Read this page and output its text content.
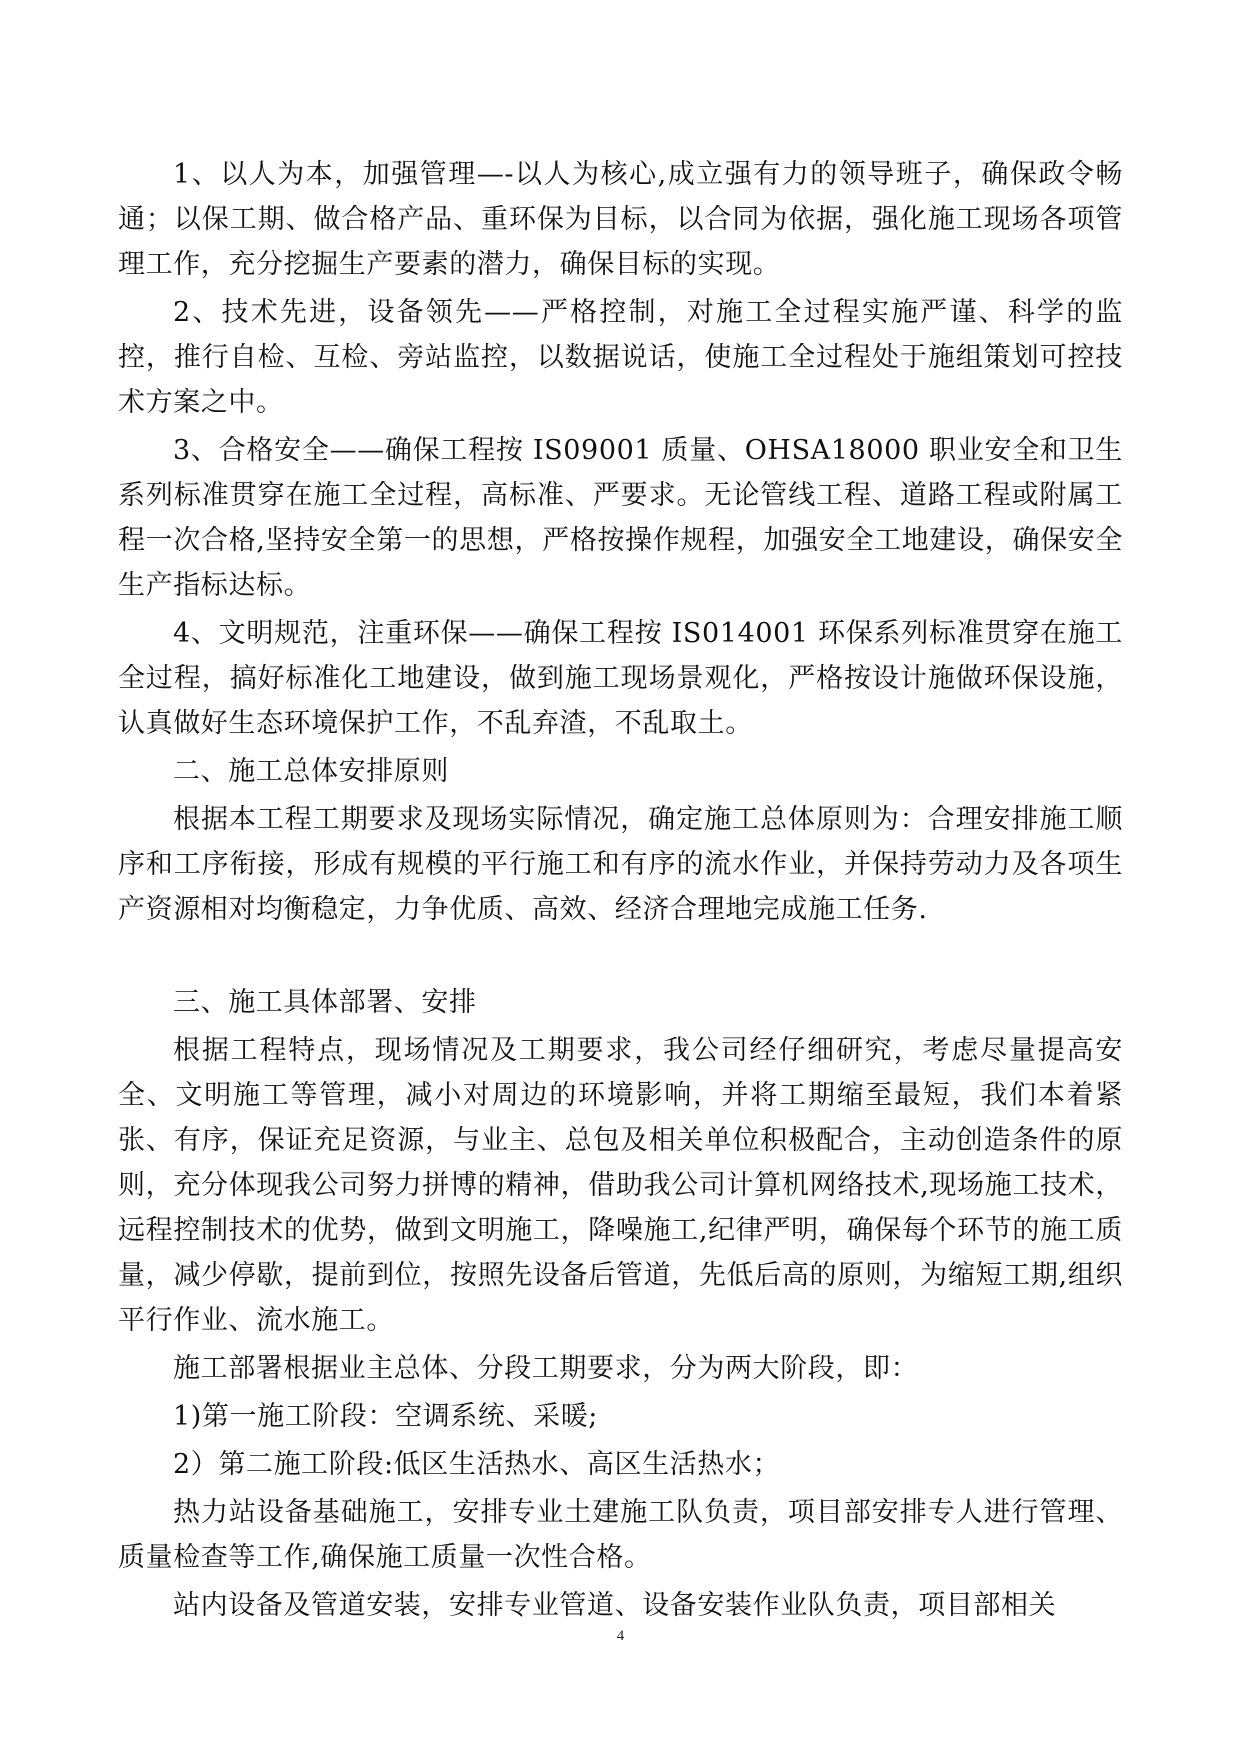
1、以人为本，加强管理—-以人为核心,成立强有力的领导班子，确保政令畅通；以保工期、做合格产品、重环保为目标，以合同为依据，强化施工现场各项管理工作，充分挖掘生产要素的潜力，确保目标的实现。

2、技术先进，设备领先——严格控制，对施工全过程实施严谨、科学的监控，推行自检、互检、旁站监控，以数据说话，使施工全过程处于施组策划可控技术方案之中。

3、合格安全——确保工程按 IS09001 质量、OHSA18000 职业安全和卫生系列标准贯穿在施工全过程，高标准、严要求。无论管线工程、道路工程或附属工程一次合格,坚持安全第一的思想，严格按操作规程，加强安全工地建设，确保安全生产指标达标。

4、文明规范，注重环保——确保工程按 IS014001 环保系列标准贯穿在施工全过程，搞好标准化工地建设，做到施工现场景观化，严格按设计施做环保设施，认真做好生态环境保护工作，不乱弃渣，不乱取土。

二、施工总体安排原则

根据本工程工期要求及现场实际情况，确定施工总体原则为：合理安排施工顺序和工序衔接，形成有规模的平行施工和有序的流水作业，并保持劳动力及各项生产资源相对均衡稳定，力争优质、高效、经济合理地完成施工任务.

三、施工具体部署、安排

根据工程特点，现场情况及工期要求，我公司经仔细研究，考虑尽量提高安全、文明施工等管理，减小对周边的环境影响，并将工期缩至最短，我们本着紧张、有序，保证充足资源，与业主、总包及相关单位积极配合，主动创造条件的原则，充分体现我公司努力拼博的精神，借助我公司计算机网络技术,现场施工技术，远程控制技术的优势，做到文明施工，降噪施工,纪律严明，确保每个环节的施工质量，减少停歇，提前到位，按照先设备后管道，先低后高的原则，为缩短工期,组织平行作业、流水施工。

施工部署根据业主总体、分段工期要求，分为两大阶段，即：

1)第一施工阶段：空调系统、采暖;

2）第二施工阶段:低区生活热水、高区生活热水；

热力站设备基础施工，安排专业土建施工队负责，项目部安排专人进行管理、质量检查等工作,确保施工质量一次性合格。

站内设备及管道安装，安排专业管道、设备安装作业队负责，项目部相关

4
